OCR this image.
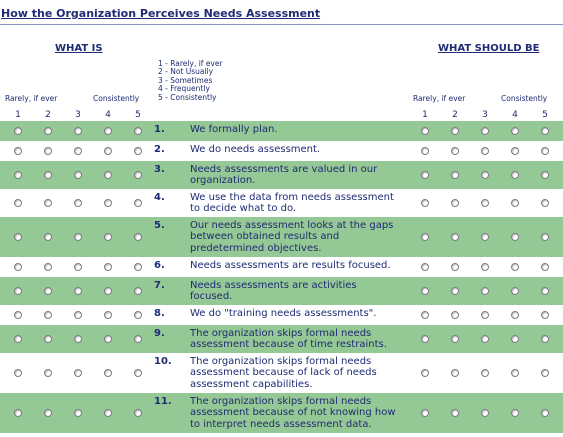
How the Organization Perceives Needs Assessment
WHAT IS	WHAT SHOULD BE
1 - Rarely, if ever
2 - Not Usually
3 - Sometimes
4 - Frequently
5 - Consistently
Rarely, if ever	Consistently	Rarely, if ever	Consistently
1	2	3	4	5	1	2	3	4	5
1.	We formally plan.
2.	We do needs assessment.
3.	Needs assessments are valued in our organization.
4.	We use the data from needs assessment to decide what to do.
5.	Our needs assessment looks at the gaps between obtained results and predetermined objectives.
6.	Needs assessments are results focused.
7.	Needs assessments are activities focused.
8.	We do "training needs assessments".
9.	The organization skips formal needs assessment because of time restraints.
10.	The organization skips formal needs assessment because of lack of needs assessment capabilities.
11.	The organization skips formal needs assessment because of not knowing how to interpret needs assessment data.
